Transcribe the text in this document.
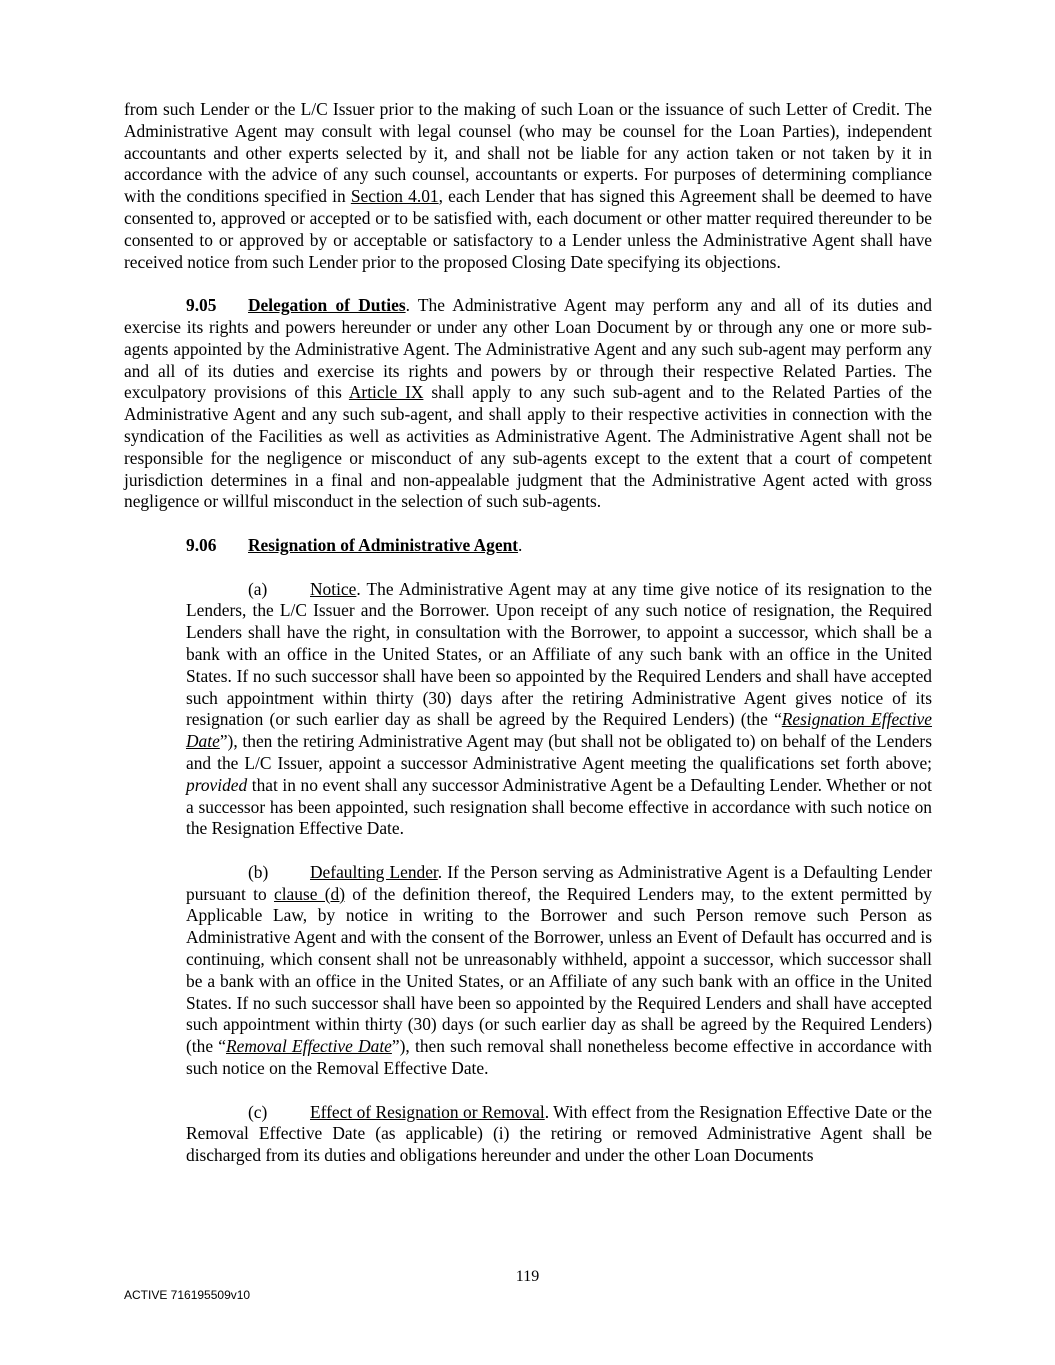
from such Lender or the L/C Issuer prior to the making of such Loan or the issuance of such Letter of Credit. The Administrative Agent may consult with legal counsel (who may be counsel for the Loan Parties), independent accountants and other experts selected by it, and shall not be liable for any action taken or not taken by it in accordance with the advice of any such counsel, accountants or experts. For purposes of determining compliance with the conditions specified in Section 4.01, each Lender that has signed this Agreement shall be deemed to have consented to, approved or accepted or to be satisfied with, each document or other matter required thereunder to be consented to or approved by or acceptable or satisfactory to a Lender unless the Administrative Agent shall have received notice from such Lender prior to the proposed Closing Date specifying its objections.

9.05 Delegation of Duties. The Administrative Agent may perform any and all of its duties and exercise its rights and powers hereunder or under any other Loan Document by or through any one or more sub-agents appointed by the Administrative Agent. The Administrative Agent and any such sub-agent may perform any and all of its duties and exercise its rights and powers by or through their respective Related Parties. The exculpatory provisions of this Article IX shall apply to any such sub-agent and to the Related Parties of the Administrative Agent and any such sub-agent, and shall apply to their respective activities in connection with the syndication of the Facilities as well as activities as Administrative Agent. The Administrative Agent shall not be responsible for the negligence or misconduct of any sub-agents except to the extent that a court of competent jurisdiction determines in a final and non-appealable judgment that the Administrative Agent acted with gross negligence or willful misconduct in the selection of such sub-agents.

9.06 Resignation of Administrative Agent.

(a) Notice. The Administrative Agent may at any time give notice of its resignation to the Lenders, the L/C Issuer and the Borrower. Upon receipt of any such notice of resignation, the Required Lenders shall have the right, in consultation with the Borrower, to appoint a successor, which shall be a bank with an office in the United States, or an Affiliate of any such bank with an office in the United States. If no such successor shall have been so appointed by the Required Lenders and shall have accepted such appointment within thirty (30) days after the retiring Administrative Agent gives notice of its resignation (or such earlier day as shall be agreed by the Required Lenders) (the “Resignation Effective Date”), then the retiring Administrative Agent may (but shall not be obligated to) on behalf of the Lenders and the L/C Issuer, appoint a successor Administrative Agent meeting the qualifications set forth above; provided that in no event shall any successor Administrative Agent be a Defaulting Lender. Whether or not a successor has been appointed, such resignation shall become effective in accordance with such notice on the Resignation Effective Date.

(b) Defaulting Lender. If the Person serving as Administrative Agent is a Defaulting Lender pursuant to clause (d) of the definition thereof, the Required Lenders may, to the extent permitted by Applicable Law, by notice in writing to the Borrower and such Person remove such Person as Administrative Agent and with the consent of the Borrower, unless an Event of Default has occurred and is continuing, which consent shall not be unreasonably withheld, appoint a successor, which successor shall be a bank with an office in the United States, or an Affiliate of any such bank with an office in the United States. If no such successor shall have been so appointed by the Required Lenders and shall have accepted such appointment within thirty (30) days (or such earlier day as shall be agreed by the Required Lenders) (the “Removal Effective Date”), then such removal shall nonetheless become effective in accordance with such notice on the Removal Effective Date.

(c) Effect of Resignation or Removal. With effect from the Resignation Effective Date or the Removal Effective Date (as applicable) (i) the retiring or removed Administrative Agent shall be discharged from its duties and obligations hereunder and under the other Loan Documents

119
ACTIVE 716195509v10
